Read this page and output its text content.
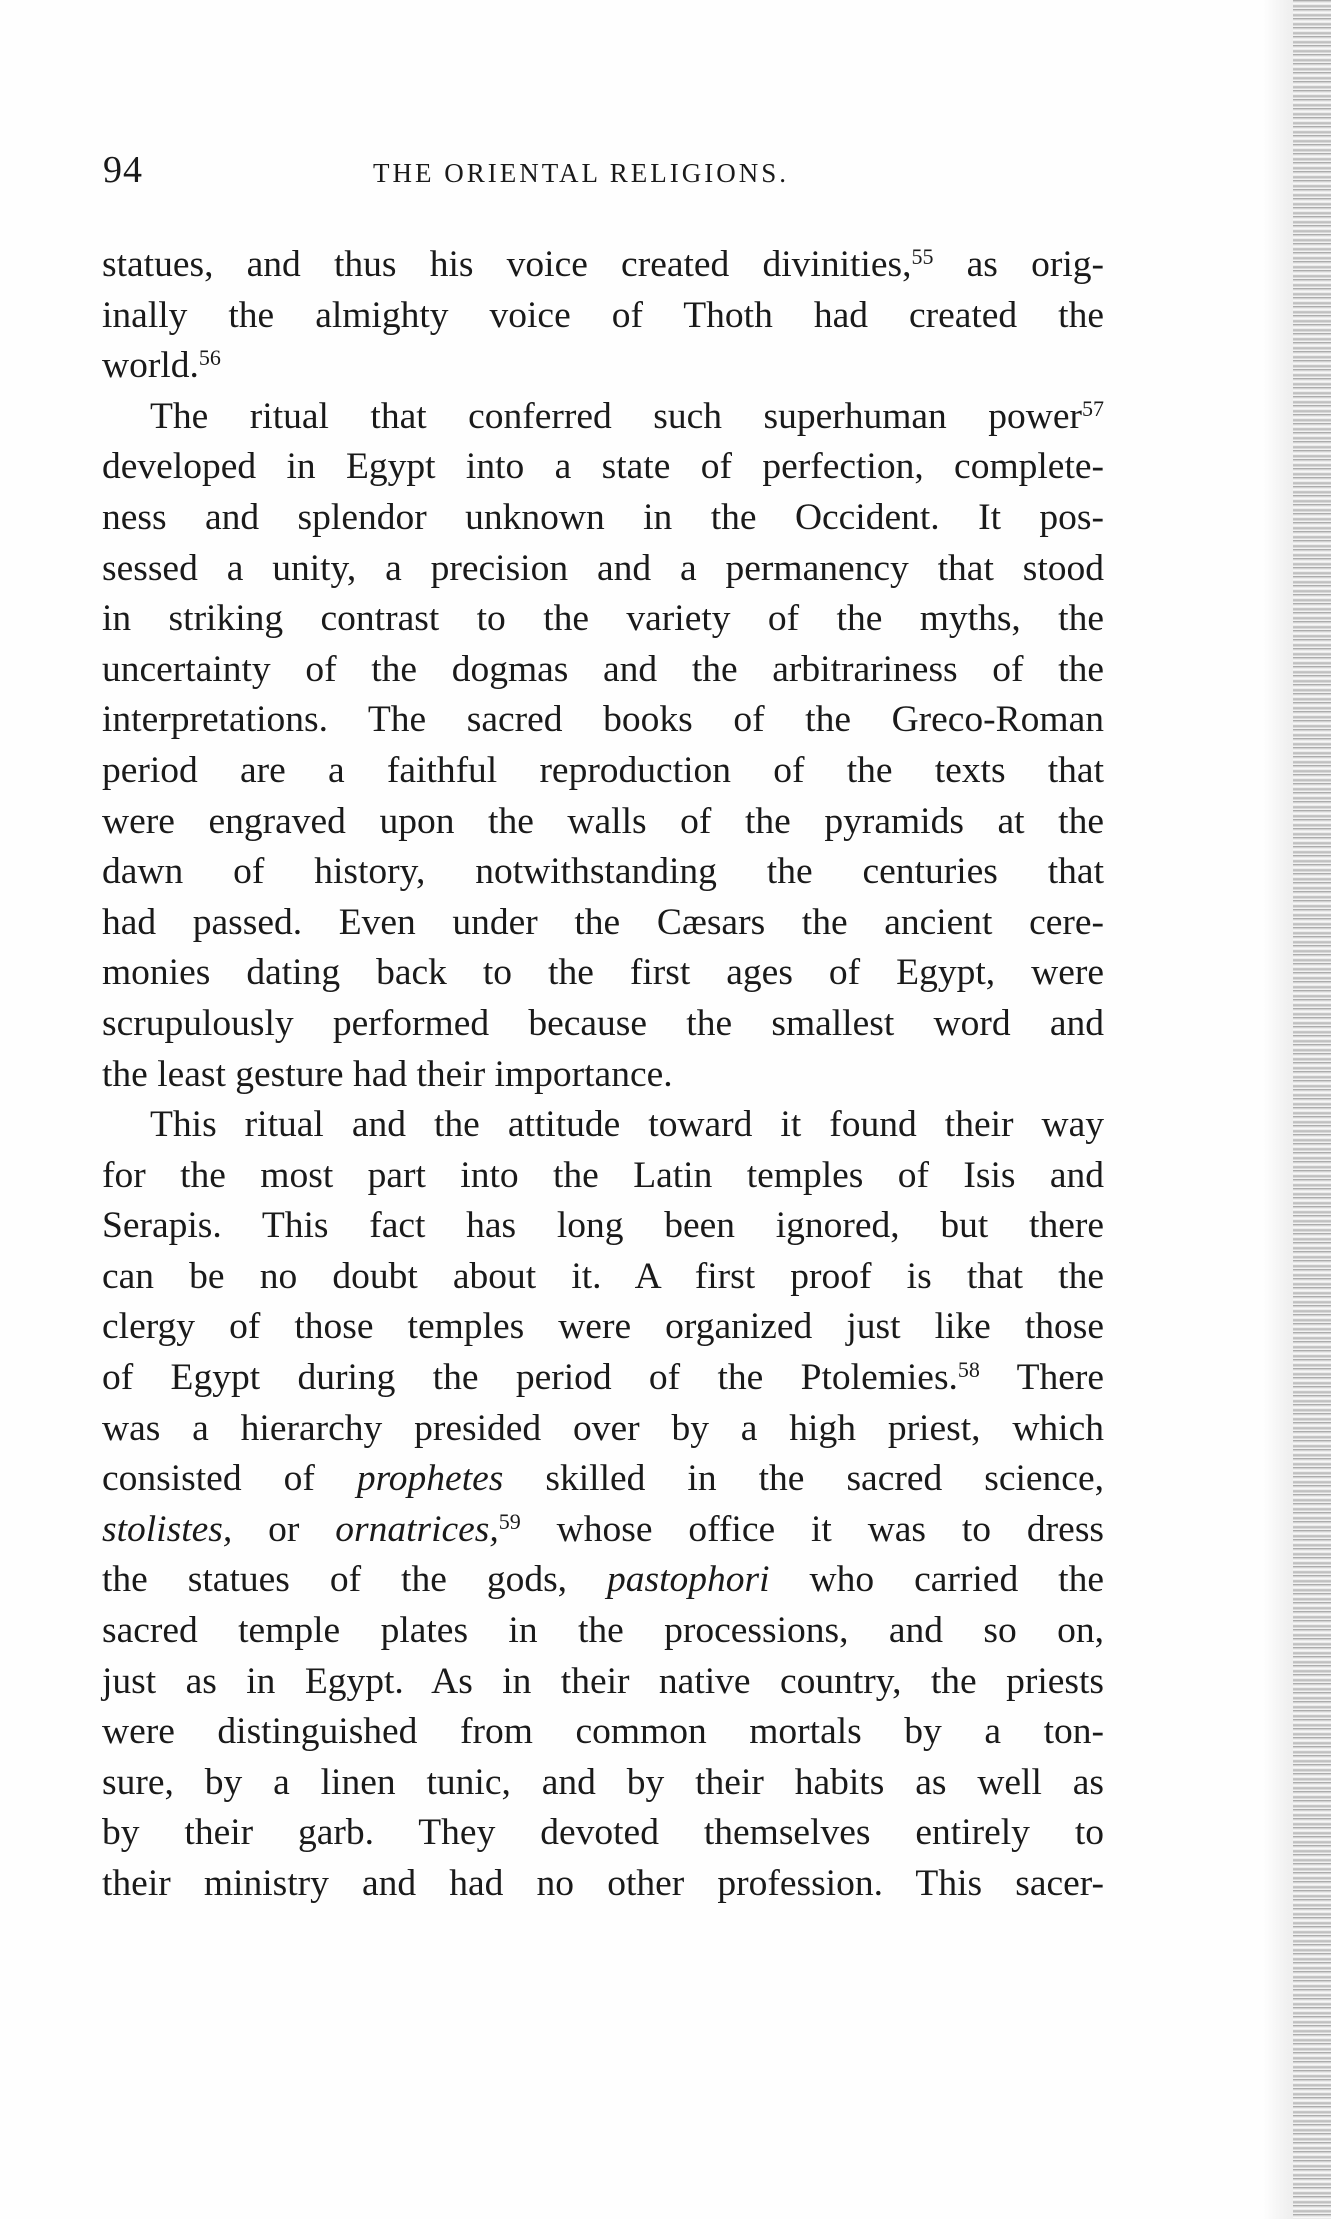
94	THE ORIENTAL RELIGIONS.
statues, and thus his voice created divinities,$^{55}$ as orig-
inally the almighty voice of Thoth had created the
world.$^{56}$
The ritual that conferred such superhuman power$^{57}$
developed in Egypt into a state of perfection, complete-
ness and splendor unknown in the Occident. It pos-
sessed a unity, a precision and a permanency that stood
in striking contrast to the variety of the myths, the
uncertainty of the dogmas and the arbitrariness of the
interpretations. The sacred books of the Greco-Roman
period are a faithful reproduction of the texts that
were engraved upon the walls of the pyramids at the
dawn of history, notwithstanding the centuries that
had passed. Even under the Cæsars the ancient cere-
monies dating back to the first ages of Egypt, were
scrupulously performed because the smallest word and
the least gesture had their importance.
This ritual and the attitude toward it found their way
for the most part into the Latin temples of Isis and
Serapis. This fact has long been ignored, but there
can be no doubt about it. A first proof is that the
clergy of those temples were organized just like those
of Egypt during the period of the Ptolemies.$^{58}$ There
was a hierarchy presided over by a high priest, which
consisted of prophetes skilled in the sacred science,
stolistes, or ornatrices,$^{59}$ whose office it was to dress
the statues of the gods, pastophori who carried the
sacred temple plates in the processions, and so on,
just as in Egypt. As in their native country, the priests
were distinguished from common mortals by a ton-
sure, by a linen tunic, and by their habits as well as
by their garb. They devoted themselves entirely to
their ministry and had no other profession. This sacer-
